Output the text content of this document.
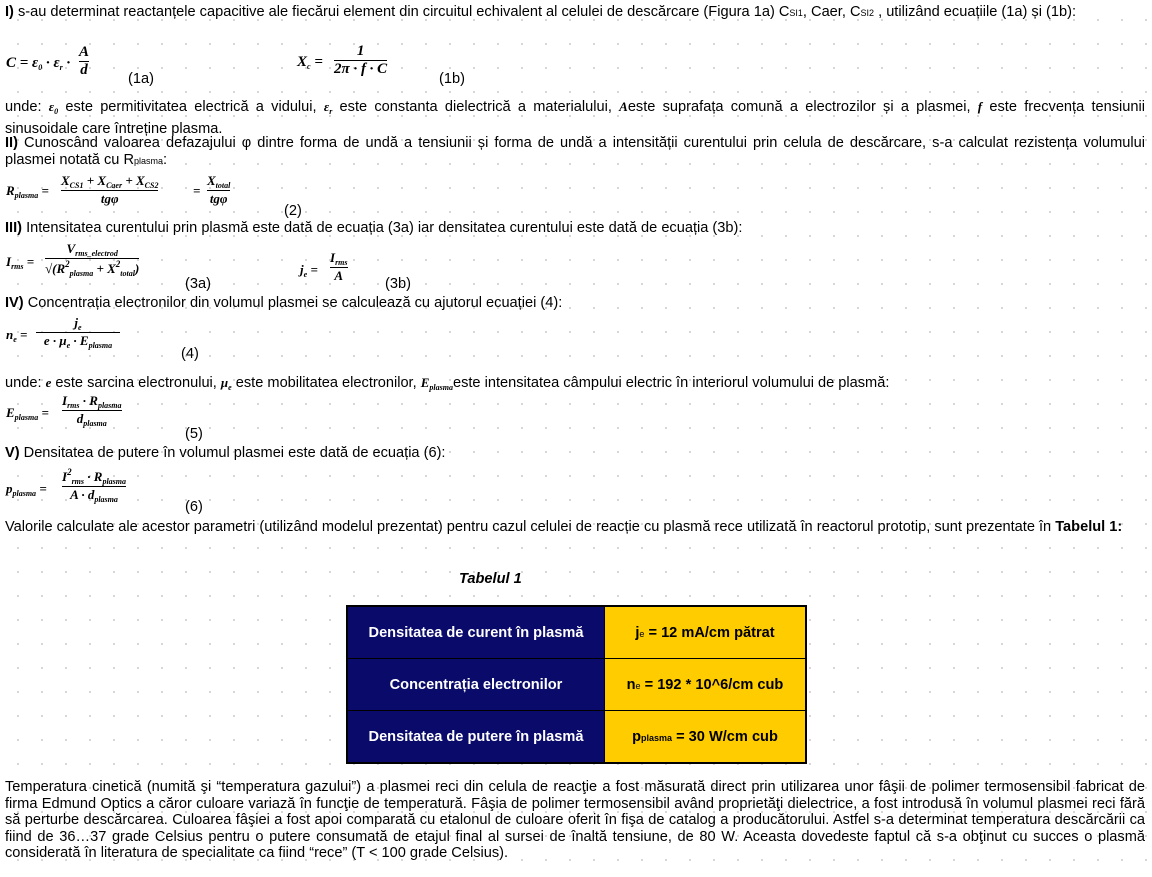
I) s-au determinat reactanțele capacitive ale fiecărui element din circuitul echivalent al celulei de descărcare (Figura 1a) CSI1, Caer, CSI2 , utilizând ecuațiile (1a) și (1b):

$C = \varepsilon_0 \cdot \varepsilon_r$ ·
A
d
(1a)
$X_c$ =
1
2π · f · C
(1b)

unde: $\varepsilon_0$ este permitivitatea electrică a vidului, $\varepsilon_r$ este constanta dielectrică a materialului, Aeste suprafața comună a electrozilor și a plasmei, f este frecvența tensiunii sinusoidale care întreține plasma.

II) Cunoscând valoarea defazajului φ dintre forma de undă a tensiunii și forma de undă a intensității curentului prin celula de descărcare, s-a calculat rezistența volumului plasmei notată cu Rplasma:

$R_{plasma}$ =
$X_{CS1} + X_{Caer} + X_{CS2}$
tgφ
=
$X_{total}$
tgφ
(2)

III) Intensitatea curentului prin plasmă este dată de ecuația (3a) iar densitatea curentului este dată de ecuația (3b):

$I_{rms}$ =
$V_{rms\_electrod}$
$√(R^2_{plasma} + X^2_{total})$
(3a)
$j_e$ =
$I_{rms}$
A
(3b)

IV) Concentrația electronilor din volumul plasmei se calculează cu ajutorul ecuației (4):

$n_e$ =
$j_e$
$e \cdot \mu_e \cdot E_{plasma}$
(4)

unde: e este sarcina electronului, $\mu_e$ este mobilitatea electronilor, $E_{plasma}este$ intensitatea câmpului electric în interiorul volumului de plasmă:

$E_{plasma}$ =
$I_{rms} \cdot R_{plasma}$
$d_{plasma}$
(5)

V) Densitatea de putere în volumul plasmei este dată de ecuația (6):

$p_{plasma}$ =
$I^2_{rms} \cdot R_{plasma}$
$A \cdot d_{plasma}$	(6)

Valorile calculate ale acestor parametri (utilizând modelul prezentat) pentru cazul celulei de reacție cu plasmă rece utilizată în reactorul prototip, sunt prezentate în Tabelul 1:

Tabelul 1
Densitatea de curent în plasmă	je = 12 mA/cm pătrat
Concentrația electronilor	ne = 192 * 10^6/cm cub
Densitatea de putere în plasmă	pplasma = 30 W/cm cub

Temperatura cinetică (numită şi “temperatura gazului”) a plasmei reci din celula de reacţie a fost măsurată direct prin utilizarea unor fâşii de polimer termosensibil fabricat de firma Edmund Optics a căror culoare variază în funcţie de temperatură. Fâşia de polimer termosensibil având proprietăţi dielectrice, a fost introdusă în volumul plasmei reci fără să perturbe descărcarea. Culoarea fâşiei a fost apoi comparată cu etalonul de culoare oferit în fişa de catalog a producătorului. Astfel s-a determinat temperatura descărcării ca fiind de 36…37 grade Celsius pentru o putere consumată de etajul final al sursei de înaltă tensiune, de 80 W. Aceasta dovedeste faptul că s-a obţinut cu succes o plasmă considerată în literatura de specialitate ca fiind “rece” (T < 100 grade Celsius).
